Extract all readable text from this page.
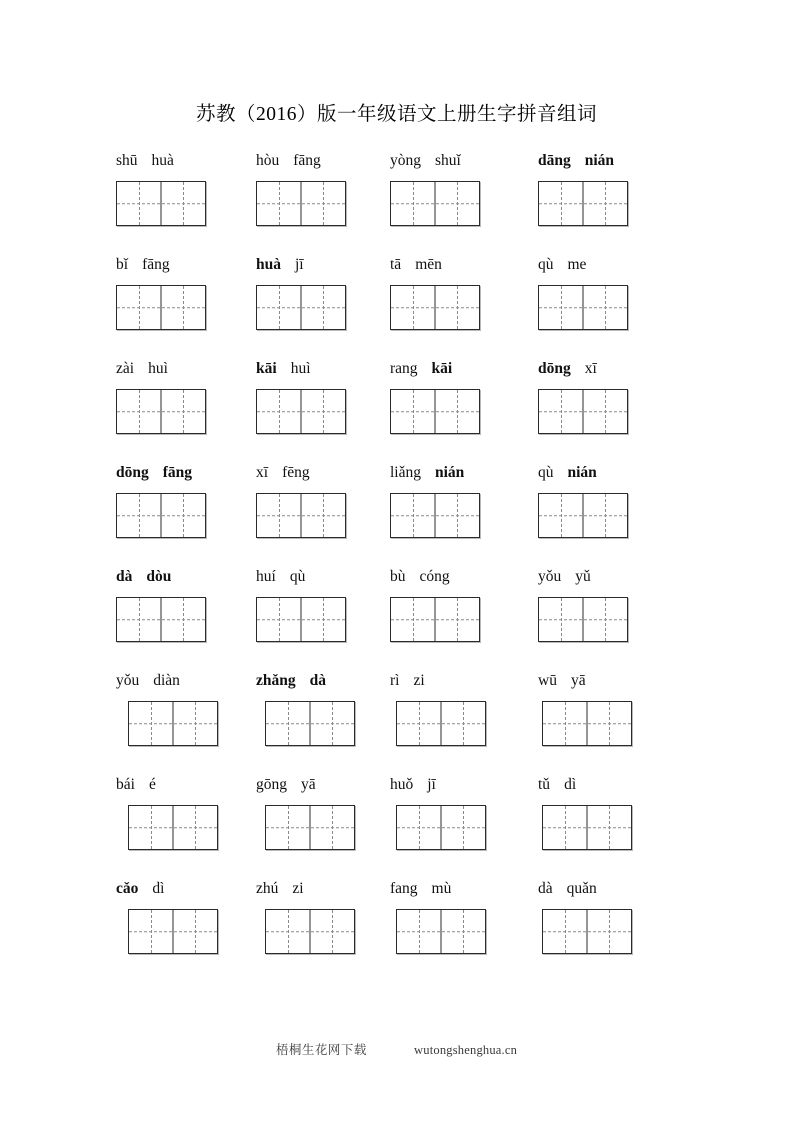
苏教（2016）版一年级语文上册生字拼音组词
shū huà	hòu fāng	yòng shuǐ	dāng nián
bǐ fāng	huà jī	tā mēn	qù me
zài huì	kāi huì	rang kāi	dōng xī
dōng fāng	xī fēng	liǎng nián	qù nián
dà dòu	huí qù	bù cóng	yǒu yǔ
yǒu diàn	zhǎng dà	rì zi	wū yā
bái é	gōng yā	huǒ jī	tǔ dì
cǎo dì	zhú zi	fang mù	dà quǎn
梧桐生花网下载	wutongshenghua.cn
